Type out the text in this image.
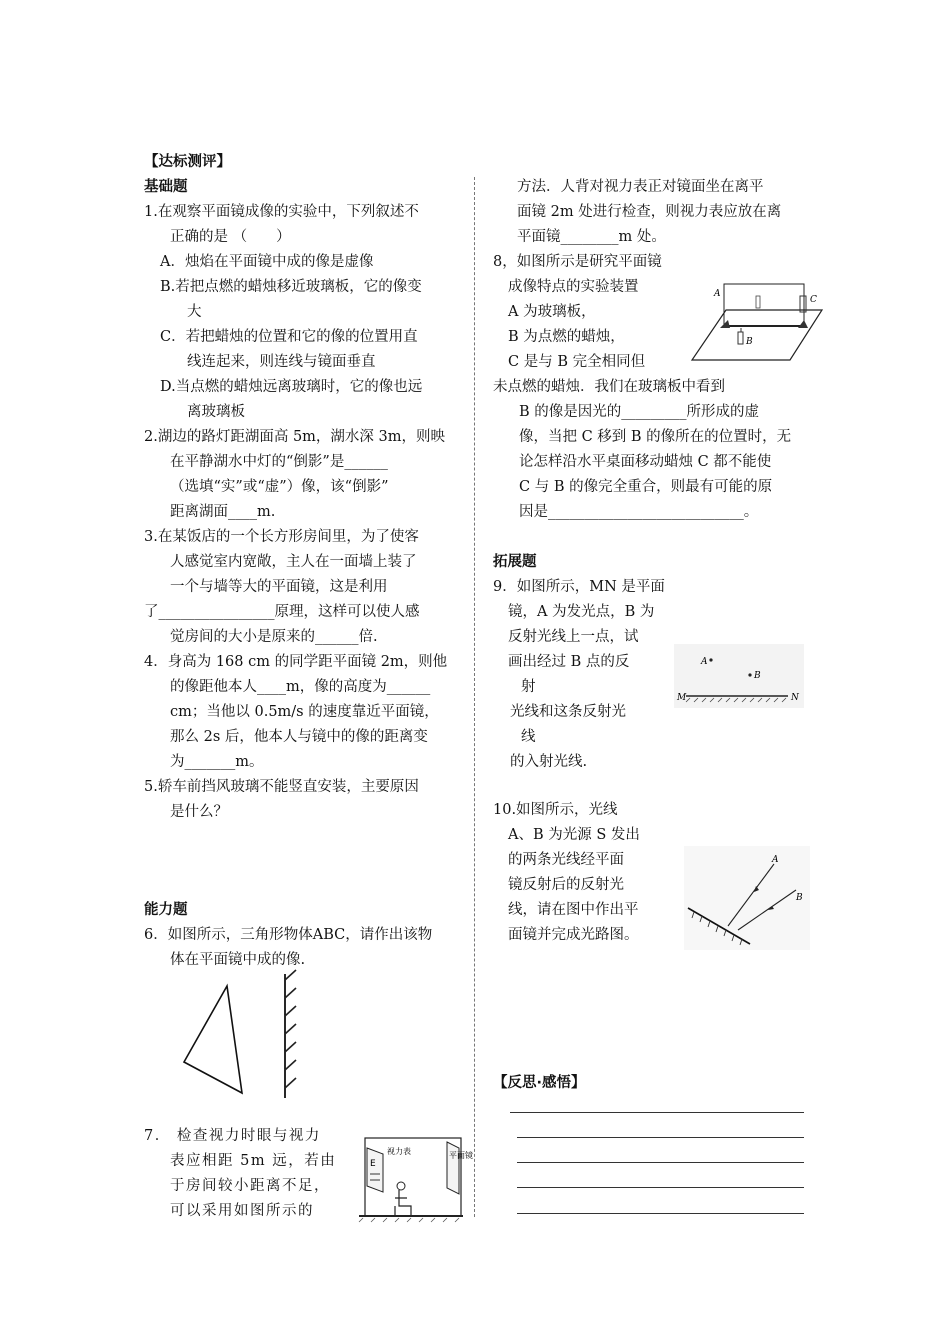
【达标测评】
基础题
1.在观察平面镜成像的实验中，下列叙述不
正确的是 （　　）
A．烛焰在平面镜中成的像是虚像
B.若把点燃的蜡烛移近玻璃板，它的像变
大
C．若把蜡烛的位置和它的像的位置用直
线连起来，则连线与镜面垂直
D.当点燃的蜡烛远离玻璃时，它的像也远
离玻璃板
2.湖边的路灯距湖面高 5m，湖水深 3m，则映
在平静湖水中灯的“倒影”是______
（选填“实”或“虚”）像，该“倒影”
距离湖面____m.
3.在某饭店的一个长方形房间里，为了使客
人感觉室内宽敞，主人在一面墙上装了
一个与墙等大的平面镜，这是利用
了________________原理，这样可以使人感
觉房间的大小是原来的______倍.
4．身高为 168 cm 的同学距平面镜 2m，则他
的像距他本人____m，像的高度为______
cm；当他以 0.5m/s 的速度靠近平面镜，
那么 2s 后，他本人与镜中的像的距离变
为_______m。
5.轿车前挡风玻璃不能竖直安装，主要原因
是什么？
能力题
6．如图所示，三角形物体ABC，请作出该物
体在平面镜中成的像.
7． 检查视力时眼与视力
表应相距 5m 远，若由
于房间较小距离不足，
可以采用如图所示的
E
视力表	平面镜
方法．人背对视力表正对镜面坐在离平
面镜 2m 处进行检查，则视力表应放在离
平面镜________m 处。
8，如图所示是研究平面镜
成像特点的实验装置
A 为玻璃板，
B 为点燃的蜡烛，
C 是与 B 完全相同但
未点燃的蜡烛．我们在玻璃板中看到
B 的像是因光的_________所形成的虚
像，当把 C 移到 B 的像所在的位置时，无
论怎样沿水平桌面移动蜡烛 C 都不能使
C 与 B 的像完全重合，则最有可能的原
因是___________________________。
A
B
C
拓展题
9．如图所示，MN 是平面
镜，A 为发光点，B 为
反射光线上一点，试
画出经过 B 点的反
射
光线和这条反射光
线
的入射光线.
A
B
M	N
10.如图所示，光线
A、B 为光源 S 发出
的两条光线经平面
镜反射后的反射光
线，请在图中作出平
面镜并完成光路图。
A
B
【反思·感悟】
